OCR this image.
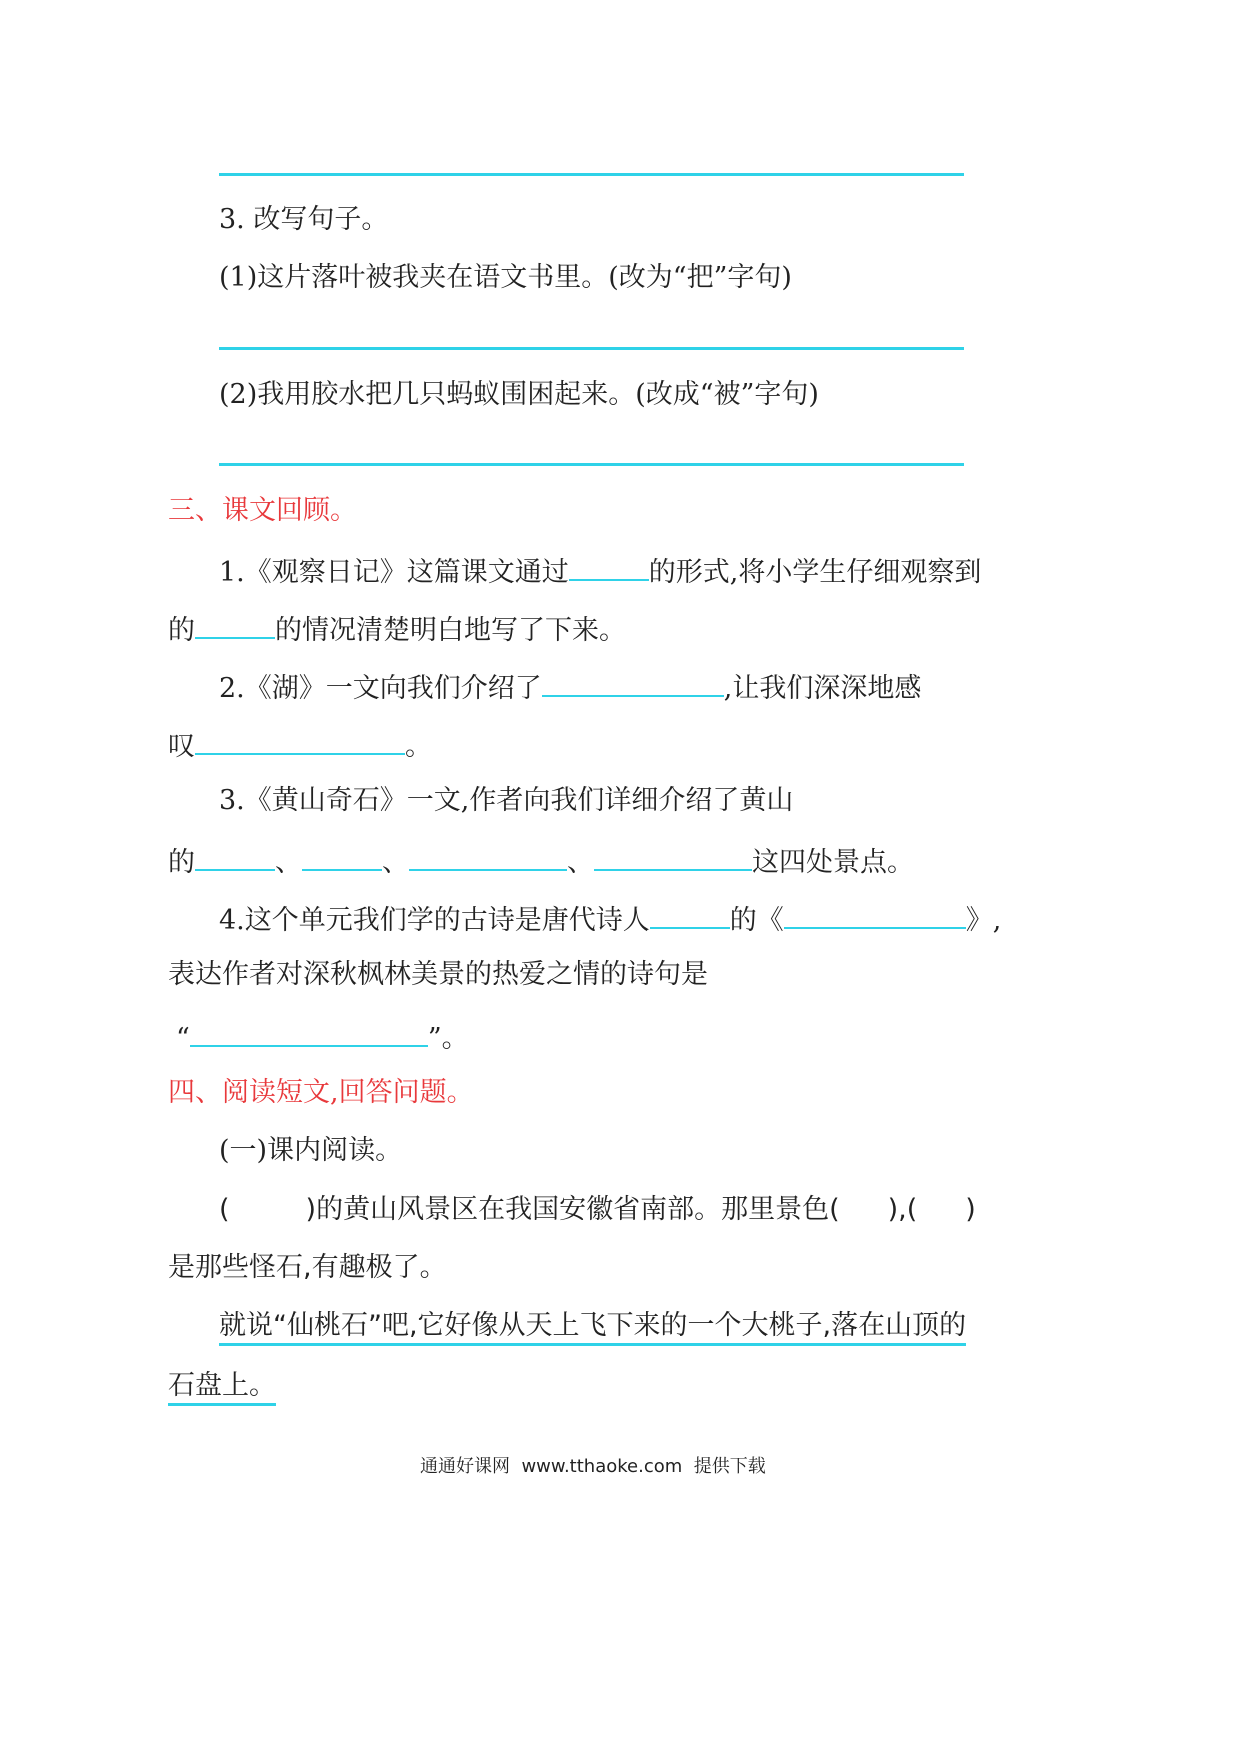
3. 改写句子。
(1)这片落叶被我夹在语文书里。(改为“把”字句)
(2)我用胶水把几只蚂蚁围困起来。(改成“被”字句)
三、课文回顾。
1.《观察日记》这篇课文通过	的形式,将小学生仔细观察到
的	的情况清楚明白地写了下来。
2.《湖》一文向我们介绍了	,让我们深深地感
叹	。
3.《黄山奇石》一文,作者向我们详细介绍了黄山
的	、	、	、	这四处景点。
4.这个单元我们学的古诗是唐代诗人	的《	》,
表达作者对深秋枫林美景的热爱之情的诗句是
“	”。
四、阅读短文,回答问题。
(一)课内阅读。
(	)的黄山风景区在我国安徽省南部。那里景色( ),( )
是那些怪石,有趣极了。
就说“仙桃石”吧,它好像从天上飞下来的一个大桃子,落在山顶的
石盘上。
通通好课网  www.tthaoke.com  提供下载
